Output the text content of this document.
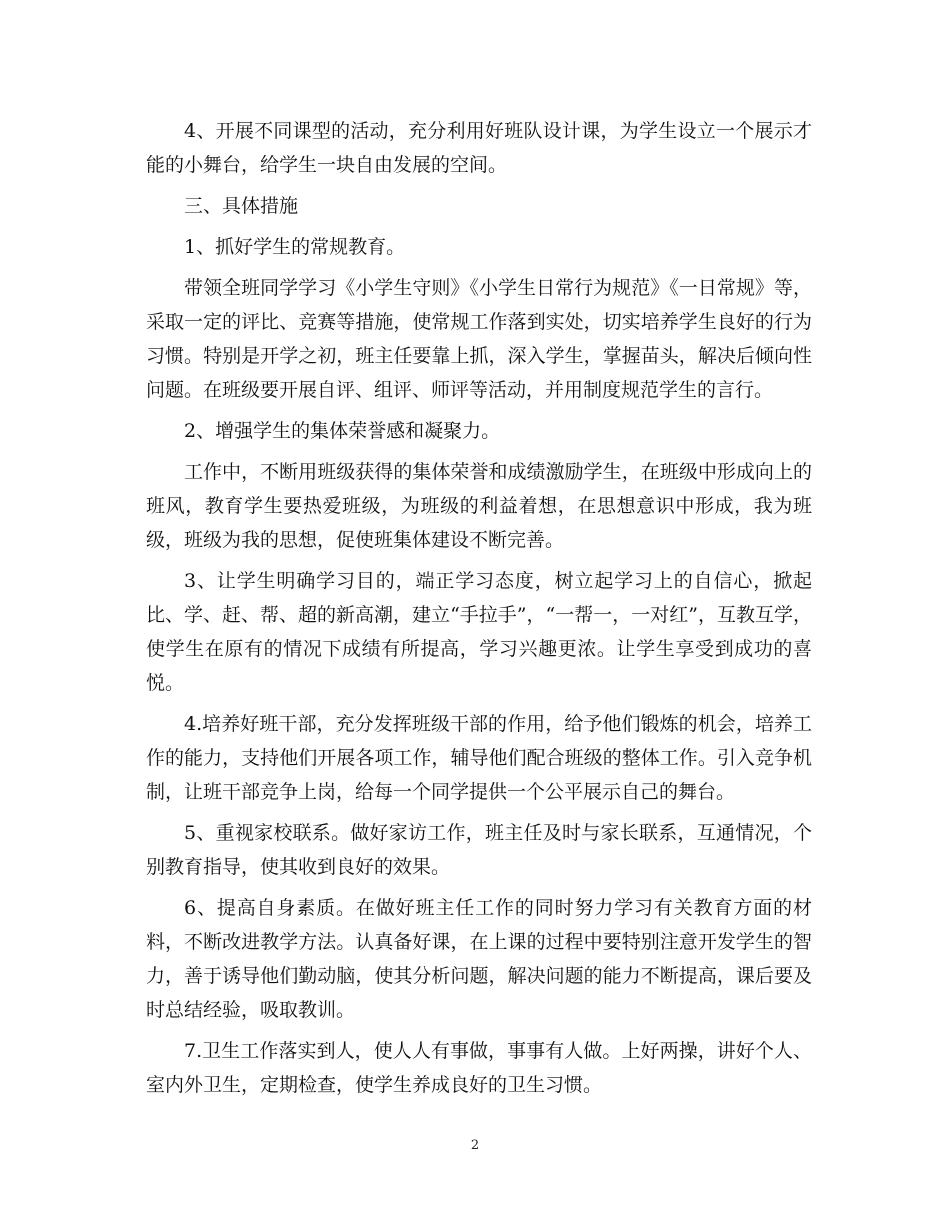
4、开展不同课型的活动，充分利用好班队设计课，为学生设立一个展示才能的小舞台，给学生一块自由发展的空间。

三、具体措施

1、抓好学生的常规教育。

带领全班同学学习《小学生守则》《小学生日常行为规范》《一日常规》等，采取一定的评比、竞赛等措施，使常规工作落到实处，切实培养学生良好的行为习惯。特别是开学之初，班主任要靠上抓，深入学生，掌握苗头，解决后倾向性问题。在班级要开展自评、组评、师评等活动，并用制度规范学生的言行。

2、增强学生的集体荣誉感和凝聚力。

工作中，不断用班级获得的集体荣誉和成绩激励学生，在班级中形成向上的班风，教育学生要热爱班级，为班级的利益着想，在思想意识中形成，我为班级，班级为我的思想，促使班集体建设不断完善。

3、让学生明确学习目的，端正学习态度，树立起学习上的自信心，掀起比、学、赶、帮、超的新高潮，建立“手拉手”，“一帮一，一对红”，互教互学，使学生在原有的情况下成绩有所提高，学习兴趣更浓。让学生享受到成功的喜悦。

4.培养好班干部，充分发挥班级干部的作用，给予他们锻炼的机会，培养工作的能力，支持他们开展各项工作，辅导他们配合班级的整体工作。引入竞争机制，让班干部竞争上岗，给每一个同学提供一个公平展示自己的舞台。

5、重视家校联系。做好家访工作，班主任及时与家长联系，互通情况，个别教育指导，使其收到良好的效果。

6、提高自身素质。在做好班主任工作的同时努力学习有关教育方面的材料，不断改进教学方法。认真备好课，在上课的过程中要特别注意开发学生的智力，善于诱导他们勤动脑，使其分析问题，解决问题的能力不断提高，课后要及时总结经验，吸取教训。

7.卫生工作落实到人，使人人有事做，事事有人做。上好两操，讲好个人、室内外卫生，定期检查，使学生养成良好的卫生习惯。

2
